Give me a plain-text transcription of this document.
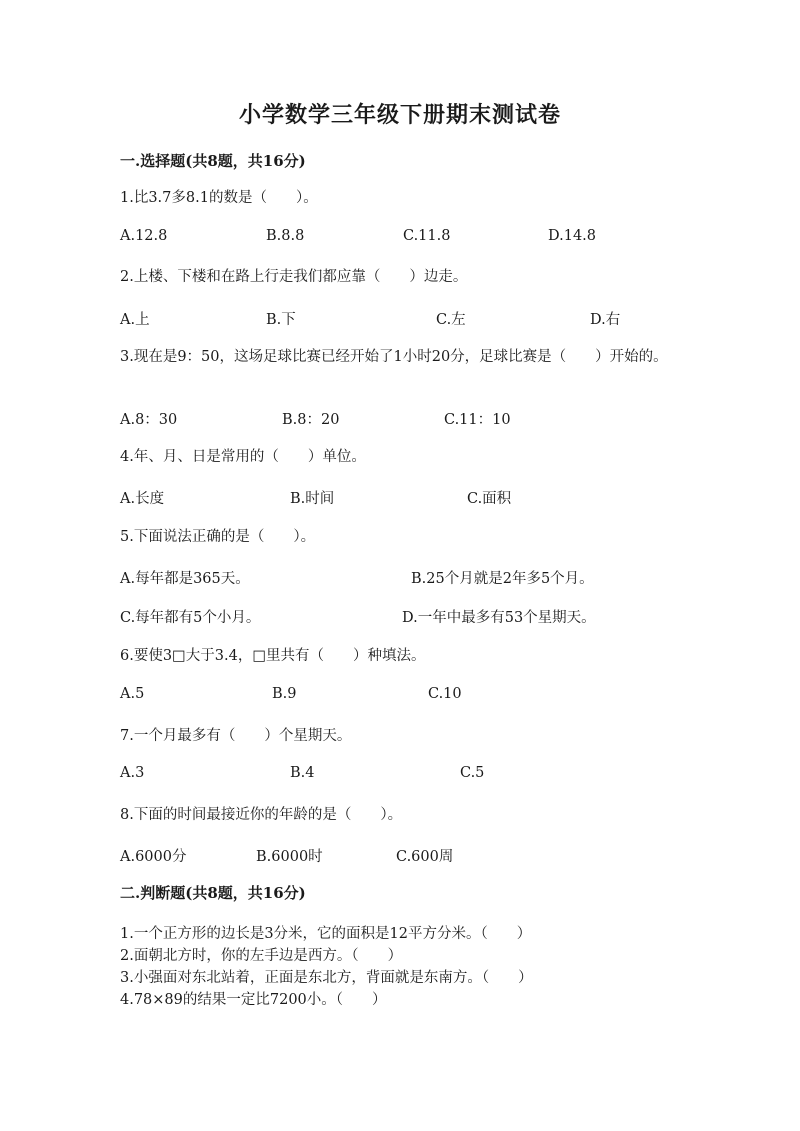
小学数学三年级下册期末测试卷
一.选择题(共8题，共16分)
1.比3.7多8.1的数是（　　）。
A.12.8	B.8.8	C.11.8	D.14.8
2.上楼、下楼和在路上行走我们都应靠（　　）边走。
A.上	B.下	C.左	D.右
3.现在是9：50，这场足球比赛已经开始了1小时20分，足球比赛是（　　）开始的。
A.8：30	B.8：20	C.11：10
4.年、月、日是常用的（　　）单位。
A.长度	B.时间	C.面积
5.下面说法正确的是（　　）。
A.每年都是365天。	B.25个月就是2年多5个月。
C.每年都有5个小月。	D.一年中最多有53个星期天。
6.要使3□大于3.4，□里共有（　　）种填法。
A.5	B.9	C.10
7.一个月最多有（　　）个星期天。
A.3	B.4	C.5
8.下面的时间最接近你的年龄的是（　　）。
A.6000分	B.6000时	C.600周
二.判断题(共8题，共16分)
1.一个正方形的边长是3分米，它的面积是12平方分米。（　　）
2.面朝北方时，你的左手边是西方。（　　）
3.小强面对东北站着，正面是东北方，背面就是东南方。（　　）
4.78×89的结果一定比7200小。（　　）
